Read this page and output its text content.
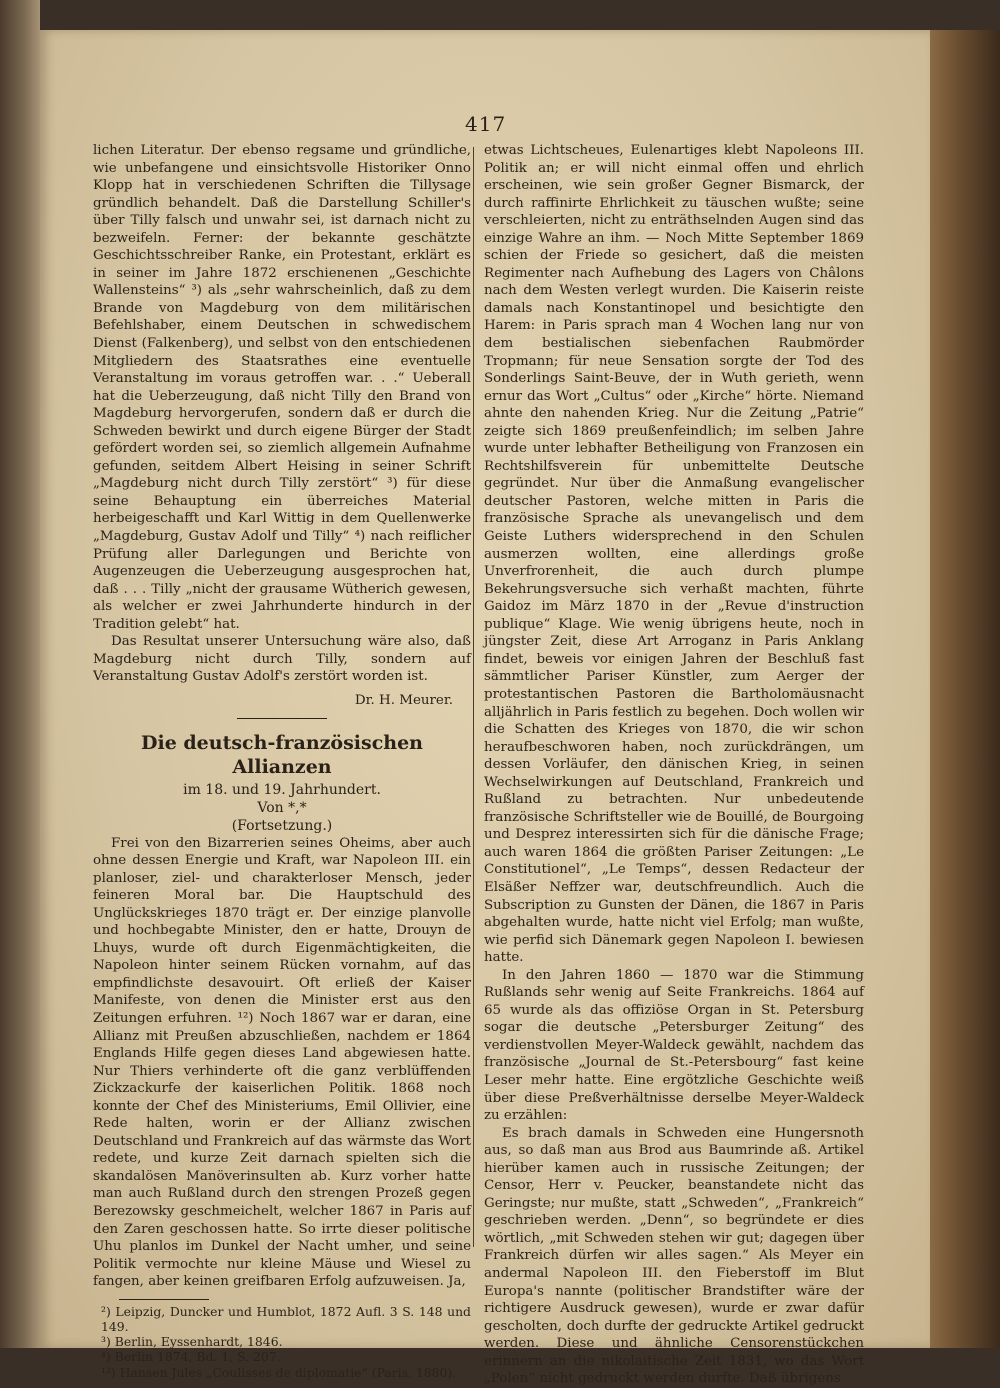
417

lichen Literatur. Der ebenso regsame und gründliche, wie unbefangene und einsichtsvolle Historiker Onno Klopp hat in verschiedenen Schriften die Tillysage gründlich behandelt. Daß die Darstellung Schiller's über Tilly falsch und unwahr sei, ist darnach nicht zu bezweifeln. Ferner: der bekannte geschätzte Geschichtsschreiber Ranke, ein Protestant, erklärt es in seiner im Jahre 1872 erschienenen „Geschichte Wallensteins“ ³) als „sehr wahrscheinlich, daß zu dem Brande von Magdeburg von dem militärischen Befehlshaber, einem Deutschen in schwedischem Dienst (Falkenberg), und selbst von den entschiedenen Mitgliedern des Staatsrathes eine eventuelle Veranstaltung im voraus getroffen war. . .“ Ueberall hat die Ueberzeugung, daß nicht Tilly den Brand von Magdeburg hervorgerufen, sondern daß er durch die Schweden bewirkt und durch eigene Bürger der Stadt gefördert worden sei, so ziemlich allgemein Aufnahme gefunden, seitdem Albert Heising in seiner Schrift „Magdeburg nicht durch Tilly zerstört“ ³) für diese seine Behauptung ein überreiches Material herbeigeschafft und Karl Wittig in dem Quellenwerke „Magdeburg, Gustav Adolf und Tilly“ ⁴) nach reiflicher Prüfung aller Darlegungen und Berichte von Augenzeugen die Ueberzeugung ausgesprochen hat, daß . . . Tilly „nicht der grausame Wütherich gewesen, als welcher er zwei Jahrhunderte hindurch in der Tradition gelebt“ hat.

Das Resultat unserer Untersuchung wäre also, daß Magdeburg nicht durch Tilly, sondern auf Veranstaltung Gustav Adolf's zerstört worden ist.

Dr. H. Meurer.

Die deutsch-französischen Allianzen
im 18. und 19. Jahrhundert.
Von *,*
(Fortsetzung.)

Frei von den Bizarrerien seines Oheims, aber auch ohne dessen Energie und Kraft, war Napoleon III. ein planloser, ziel- und charakterloser Mensch, jeder feineren Moral bar. Die Hauptschuld des Unglückskrieges 1870 trägt er. Der einzige planvolle und hochbegabte Minister, den er hatte, Drouyn de Lhuys, wurde oft durch Eigenmächtigkeiten, die Napoleon hinter seinem Rücken vornahm, auf das empfindlichste desavouirt. Oft erließ der Kaiser Manifeste, von denen die Minister erst aus den Zeitungen erfuhren. ¹²) Noch 1867 war er daran, eine Allianz mit Preußen abzuschließen, nachdem er 1864 Englands Hilfe gegen dieses Land abgewiesen hatte. Nur Thiers verhinderte oft die ganz verblüffenden Zickzackurfe der kaiserlichen Politik. 1868 noch konnte der Chef des Ministeriums, Emil Ollivier, eine Rede halten, worin er der Allianz zwischen Deutschland und Frankreich auf das wärmste das Wort redete, und kurze Zeit darnach spielten sich die skandalösen Manöverinsulten ab. Kurz vorher hatte man auch Rußland durch den strengen Prozeß gegen Berezowsky geschmeichelt, welcher 1867 in Paris auf den Zaren geschossen hatte. So irrte dieser politische Uhu planlos im Dunkel der Nacht umher, und seine Politik vermochte nur kleine Mäuse und Wiesel zu fangen, aber keinen greifbaren Erfolg aufzuweisen. Ja,

²) Leipzig, Duncker und Humblot, 1872 Aufl. 3 S. 148 und 149.
³) Berlin, Eyssenhardt, 1846.
⁴) Berlin 1874, Bd. 1, S. 207.
¹²) Hansen Jules „Coulisses de diplomatie“ (Paris, 1880).

etwas Lichtscheues, Eulenartiges klebt Napoleons III. Politik an; er will nicht einmal offen und ehrlich erscheinen, wie sein großer Gegner Bismarck, der durch raffinirte Ehrlichkeit zu täuschen wußte; seine verschleierten, nicht zu enträthselnden Augen sind das einzige Wahre an ihm. — Noch Mitte September 1869 schien der Friede so gesichert, daß die meisten Regimenter nach Aufhebung des Lagers von Châlons nach dem Westen verlegt wurden. Die Kaiserin reiste damals nach Konstantinopel und besichtigte den Harem: in Paris sprach man 4 Wochen lang nur von dem bestialischen siebenfachen Raubmörder Tropmann; für neue Sensation sorgte der Tod des Sonderlings Saint-Beuve, der in Wuth gerieth, wenn ernur das Wort „Cultus“ oder „Kirche“ hörte. Niemand ahnte den nahenden Krieg. Nur die Zeitung „Patrie“ zeigte sich 1869 preußenfeindlich; im selben Jahre wurde unter lebhafter Betheiligung von Franzosen ein Rechtshilfsverein für unbemittelte Deutsche gegründet. Nur über die Anmaßung evangelischer deutscher Pastoren, welche mitten in Paris die französische Sprache als unevangelisch und dem Geiste Luthers widersprechend in den Schulen ausmerzen wollten, eine allerdings große Unverfrorenheit, die auch durch plumpe Bekehrungsversuche sich verhaßt machten, führte Gaidoz im März 1870 in der „Revue d'instruction publique“ Klage. Wie wenig übrigens heute, noch in jüngster Zeit, diese Art Arroganz in Paris Anklang findet, beweis vor einigen Jahren der Beschluß fast sämmtlicher Pariser Künstler, zum Aerger der protestantischen Pastoren die Bartholomäusnacht alljährlich in Paris festlich zu begehen. Doch wollen wir die Schatten des Krieges von 1870, die wir schon heraufbeschworen haben, noch zurückdrängen, um dessen Vorläufer, den dänischen Krieg, in seinen Wechselwirkungen auf Deutschland, Frankreich und Rußland zu betrachten. Nur unbedeutende französische Schriftsteller wie de Bouillé, de Bourgoing und Desprez interessirten sich für die dänische Frage; auch waren 1864 die größten Pariser Zeitungen: „Le Constitutionel“, „Le Temps“, dessen Redacteur der Elsäßer Neffzer war, deutschfreundlich. Auch die Subscription zu Gunsten der Dänen, die 1867 in Paris abgehalten wurde, hatte nicht viel Erfolg; man wußte, wie perfid sich Dänemark gegen Napoleon I. bewiesen hatte.

In den Jahren 1860 — 1870 war die Stimmung Rußlands sehr wenig auf Seite Frankreichs. 1864 auf 65 wurde als das offiziöse Organ in St. Petersburg sogar die deutsche „Petersburger Zeitung“ des verdienstvollen Meyer-Waldeck gewählt, nachdem das französische „Journal de St.-Petersbourg“ fast keine Leser mehr hatte. Eine ergötzliche Geschichte weiß über diese Preßverhältnisse derselbe Meyer-Waldeck zu erzählen:

Es brach damals in Schweden eine Hungersnoth aus, so daß man aus Brod aus Baumrinde aß. Artikel hierüber kamen auch in russische Zeitungen; der Censor, Herr v. Peucker, beanstandete nicht das Geringste; nur mußte, statt „Schweden“, „Frankreich“ geschrieben werden. „Denn“, so begründete er dies wörtlich, „mit Schweden stehen wir gut; dagegen über Frankreich dürfen wir alles sagen.“ Als Meyer ein andermal Napoleon III. den Fieberstoff im Blut Europa's nannte (politischer Brandstifter wäre der richtigere Ausdruck gewesen), wurde er zwar dafür gescholten, doch durfte der gedruckte Artikel gedruckt werden. Diese und ähnliche Censorenstückchen erinnern an die nikolaitische Zeit 1831, wo das Wort „Polen“ nicht gedruckt werden durfte. Daß übrigens
